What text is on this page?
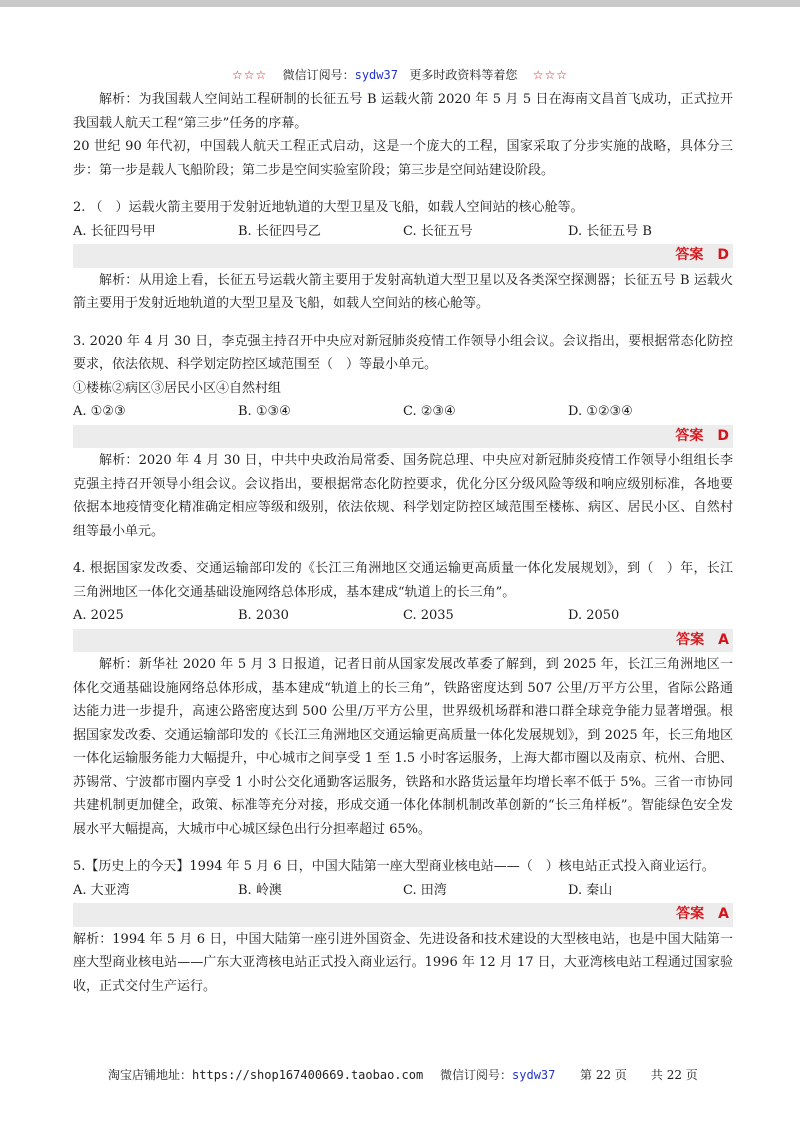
☆☆☆ 微信订阅号：sydw37 更多时政资料等着您 ☆☆☆

解析：为我国载人空间站工程研制的长征五号 B 运载火箭 2020 年 5 月 5 日在海南文昌首飞成功，正式拉开我国载人航天工程“第三步”任务的序幕。

20 世纪 90 年代初，中国载人航天工程正式启动，这是一个庞大的工程，国家采取了分步实施的战略，具体分三步：第一步是载人飞船阶段；第二步是空间实验室阶段；第三步是空间站建设阶段。

2. （　）运载火箭主要用于发射近地轨道的大型卫星及飞船，如载人空间站的核心舱等。

A. 长征四号甲	B. 长征四号乙	C. 长征五号	D. 长征五号 B
答案 D

解析：从用途上看，长征五号运载火箭主要用于发射高轨道大型卫星以及各类深空探测器；长征五号 B 运载火箭主要用于发射近地轨道的大型卫星及飞船，如载人空间站的核心舱等。

3. 2020 年 4 月 30 日，李克强主持召开中央应对新冠肺炎疫情工作领导小组会议。会议指出，要根据常态化防控要求，依法依规、科学划定防控区域范围至（　）等最小单元。

①楼栋②病区③居民小区④自然村组

A. ①②③	B. ①③④	C. ②③④	D. ①②③④
答案 D

解析：2020 年 4 月 30 日，中共中央政治局常委、国务院总理、中央应对新冠肺炎疫情工作领导小组组长李克强主持召开领导小组会议。会议指出，要根据常态化防控要求，优化分区分级风险等级和响应级别标准，各地要依据本地疫情变化精准确定相应等级和级别，依法依规、科学划定防控区域范围至楼栋、病区、居民小区、自然村组等最小单元。

4. 根据国家发改委、交通运输部印发的《长江三角洲地区交通运输更高质量一体化发展规划》，到（　）年，长江三角洲地区一体化交通基础设施网络总体形成，基本建成“轨道上的长三角”。

A. 2025	B. 2030	C. 2035	D. 2050
答案 A

解析：新华社 2020 年 5 月 3 日报道，记者日前从国家发展改革委了解到，到 2025 年，长江三角洲地区一体化交通基础设施网络总体形成，基本建成“轨道上的长三角”，铁路密度达到 507 公里/万平方公里，省际公路通达能力进一步提升，高速公路密度达到 500 公里/万平方公里，世界级机场群和港口群全球竞争能力显著增强。根据国家发改委、交通运输部印发的《长江三角洲地区交通运输更高质量一体化发展规划》，到 2025 年，长三角地区一体化运输服务能力大幅提升，中心城市之间享受 1 至 1.5 小时客运服务，上海大都市圈以及南京、杭州、合肥、苏锡常、宁波都市圈内享受 1 小时公交化通勤客运服务，铁路和水路货运量年均增长率不低于 5%。三省一市协同共建机制更加健全，政策、标准等充分对接，形成交通一体化体制机制改革创新的“长三角样板”。智能绿色安全发展水平大幅提高，大城市中心城区绿色出行分担率超过 65%。

5.【历史上的今天】1994 年 5 月 6 日，中国大陆第一座大型商业核电站——（　）核电站正式投入商业运行。

A. 大亚湾	B. 岭澳	C. 田湾	D. 秦山
答案 A

解析：1994 年 5 月 6 日，中国大陆第一座引进外国资金、先进设备和技术建设的大型核电站，也是中国大陆第一座大型商业核电站——广东大亚湾核电站正式投入商业运行。1996 年 12 月 17 日，大亚湾核电站工程通过国家验收，正式交付生产运行。

淘宝店铺地址：https://shop167400669.taobao.com 微信订阅号：sydw37 第 22 页　　共 22 页
